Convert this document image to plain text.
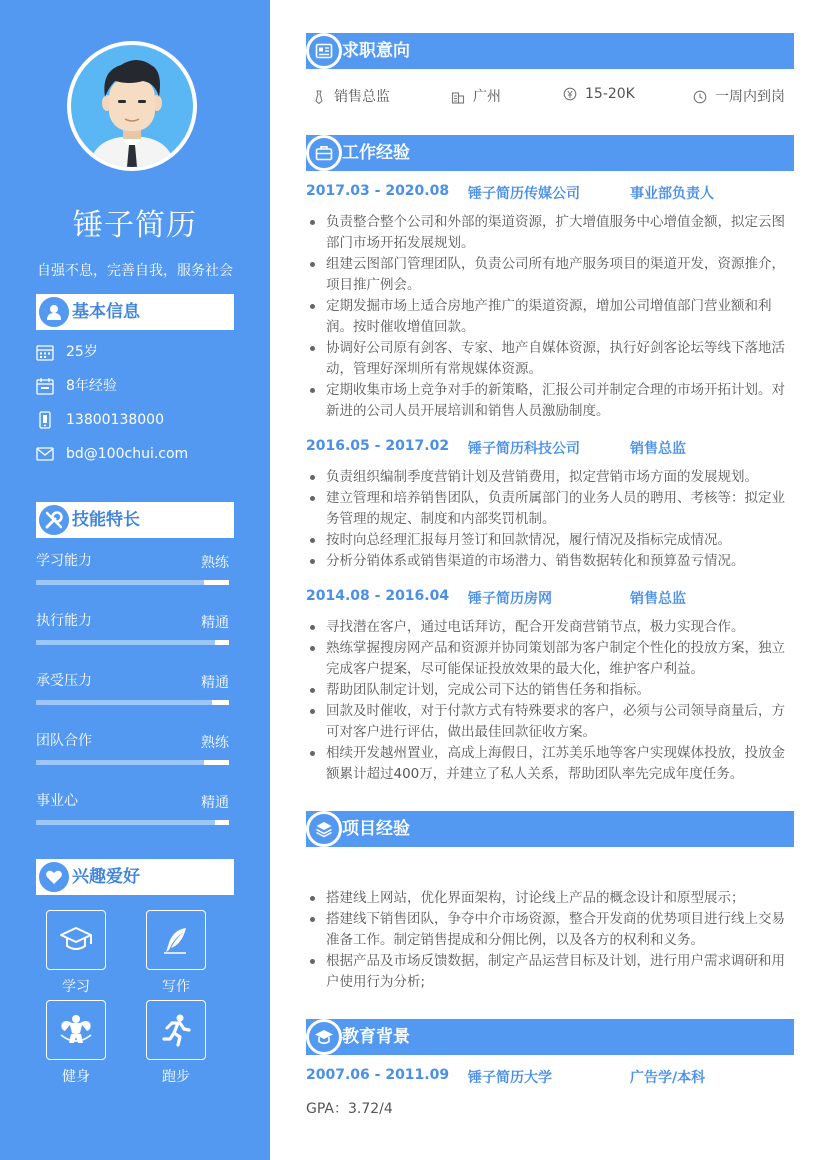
锤子简历
自强不息，完善自我，服务社会
基本信息
25岁
8年经验
13800138000
bd@100chui.com
技能特长
学习能力	熟练
执行能力	精通
承受压力	精通
团队合作	熟练
事业心	精通
兴趣爱好
学习	写作
健身	跑步
求职意向
销售总监	广州	15-20K	一周内到岗
工作经验
2017.03 - 2020.08 锤子简历传媒公司	事业部负责人
负责整合整个公司和外部的渠道资源，扩大增值服务中心增值金额，拟定云图部门市场开拓发展规划。
组建云图部门管理团队，负责公司所有地产服务项目的渠道开发，资源推介，项目推广例会。
定期发掘市场上适合房地产推广的渠道资源，增加公司增值部门营业额和利润。按时催收增值回款。
协调好公司原有剑客、专家、地产自媒体资源，执行好剑客论坛等线下落地活动，管理好深圳所有常规媒体资源。
定期收集市场上竞争对手的新策略，汇报公司并制定合理的市场开拓计划。对新进的公司人员开展培训和销售人员激励制度。
2016.05 - 2017.02 锤子简历科技公司	销售总监
负责组织编制季度营销计划及营销费用，拟定营销市场方面的发展规划。
建立管理和培养销售团队，负责所属部门的业务人员的聘用、考核等：拟定业务管理的规定、制度和内部奖罚机制。
按时向总经理汇报每月签订和回款情况，履行情况及指标完成情况。
分析分销体系或销售渠道的市场潜力、销售数据转化和预算盈亏情况。
2014.08 - 2016.04 锤子简历房网	销售总监
寻找潜在客户，通过电话拜访，配合开发商营销节点，极力实现合作。
熟练掌握搜房网产品和资源并协同策划部为客户制定个性化的投放方案，独立完成客户提案，尽可能保证投放效果的最大化，维护客户利益。
帮助团队制定计划，完成公司下达的销售任务和指标。
回款及时催收，对于付款方式有特殊要求的客户，必须与公司领导商量后，方可对客户进行评估，做出最佳回款征收方案。
相续开发越州置业，高成上海假日，江苏美乐地等客户实现媒体投放，投放金额累计超过400万，并建立了私人关系，帮助团队率先完成年度任务。
项目经验
搭建线上网站，优化界面架构，讨论线上产品的概念设计和原型展示；
搭建线下销售团队，争夺中介市场资源，整合开发商的优势项目进行线上交易准备工作。制定销售提成和分佣比例，以及各方的权利和义务。
根据产品及市场反馈数据，制定产品运营目标及计划，进行用户需求调研和用户使用行为分析;
教育背景
2007.06 - 2011.09 锤子简历大学	广告学/本科
GPA：3.72/4
